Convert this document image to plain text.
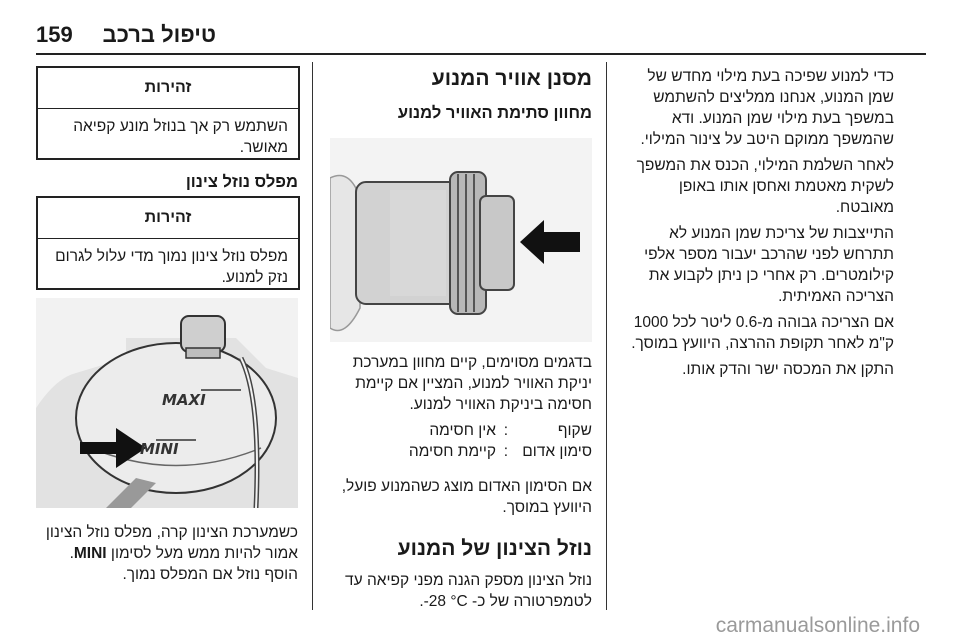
טיפול ברכב
159

כדי למנוע שפיכה בעת מילוי מחדש של שמן המנוע, אנחנו ממליצים להשתמש במשפך בעת מילוי שמן המנוע. ודא שהמשפך ממוקם היטב על צינור המילוי.

לאחר השלמת המילוי, הכנס את המשפך לשקית מאטמת ואחסן אותו באופן מאובטח.

התייצבות של צריכת שמן המנוע לא תתרחש לפני שהרכב יעבור מספר אלפי קילומטרים. רק אחרי כן ניתן לקבוע את הצריכה האמיתית.

אם הצריכה גבוהה מ-0.6 ליטר לכל 1000 ק"מ לאחר תקופת ההרצה, היוועץ במוסך.

התקן את המכסה ישר והדק אותו.

מסנן אוויר המנוע
מחוון סתימת האוויר למנוע

בדגמים מסוימים, קיים מחוון במערכת יניקת האוויר למנוע, המציין אם קיימת חסימה ביניקת האוויר למנוע.

שקוף
:
אין חסימה
סימון אדום
:
קיימת חסימה

אם הסימון האדום מוצג כשהמנוע פועל, היוועץ במוסך.

נוזל הצינון של המנוע

נוזל הצינון מספק הגנה מפני קפיאה עד לטמפרטורה של כ- ‎-28 °C.

זהירות
השתמש רק אך בנוזל מונע קפיאה מאושר.
מפלס נוזל צינון
זהירות
מפלס נוזל צינון נמוך מדי עלול לגרום נזק למנוע.
MAXI
MINI

כשמערכת הצינון קרה, מפלס נוזל הצינון אמור להיות ממש מעל לסימון MINI. הוסף נוזל אם המפלס נמוך.

carmanualsonline.info
